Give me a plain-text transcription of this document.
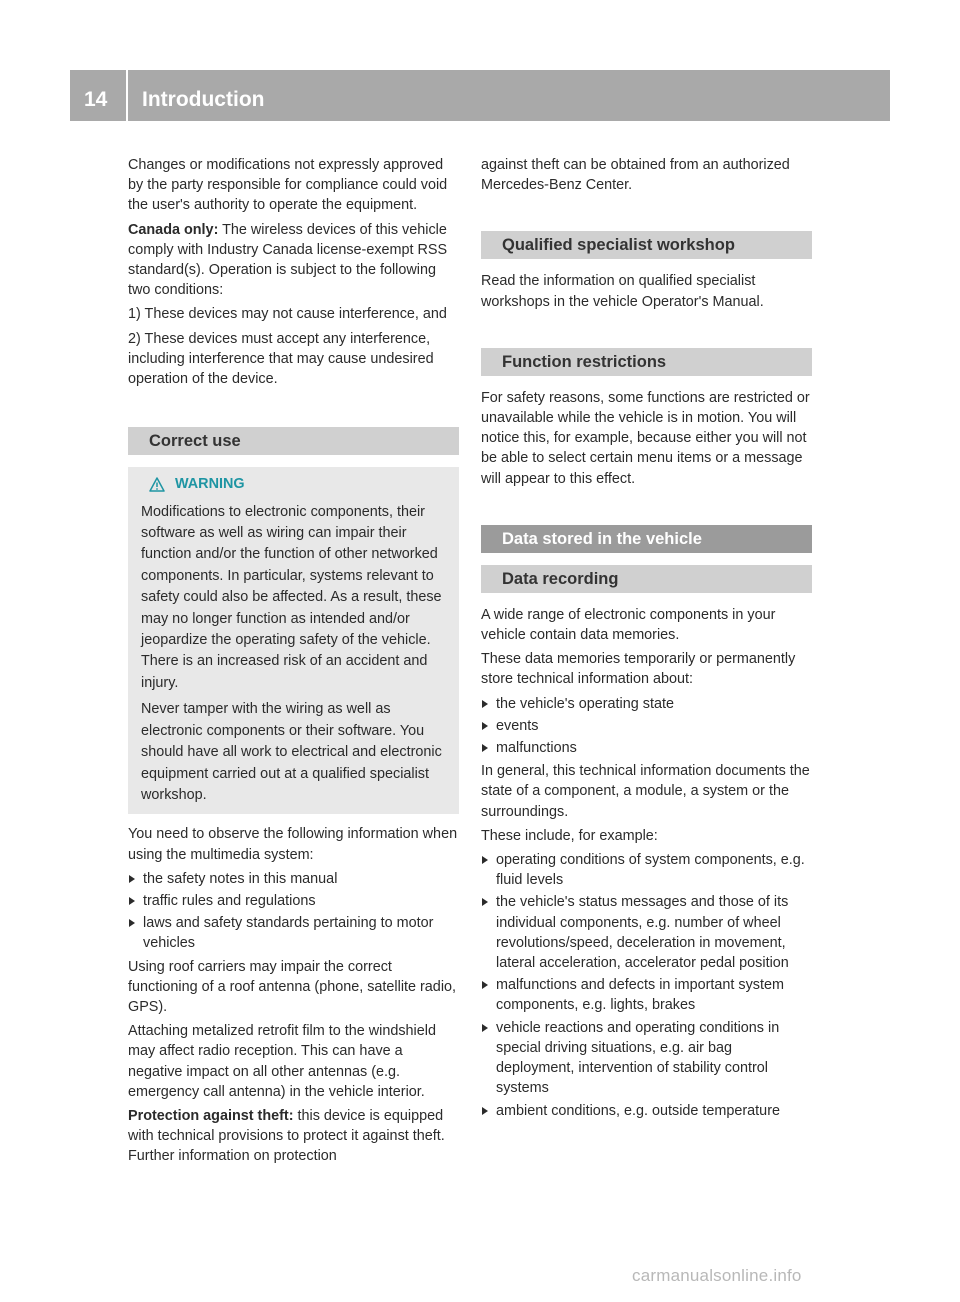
14	Introduction

Changes or modifications not expressly approved by the party responsible for compliance could void the user's authority to operate the equipment.

Canada only: The wireless devices of this vehicle comply with Industry Canada license-exempt RSS standard(s). Operation is subject to the following two conditions:

1) These devices may not cause interference, and

2) These devices must accept any interference, including interference that may cause undesired operation of the device.

Correct use
WARNING

Modifications to electronic components, their software as well as wiring can impair their function and/or the function of other networked components. In particular, systems relevant to safety could also be affected. As a result, these may no longer function as intended and/or jeopardize the operating safety of the vehicle. There is an increased risk of an accident and injury.

Never tamper with the wiring as well as electronic components or their software. You should have all work to electrical and electronic equipment carried out at a qualified specialist workshop.

You need to observe the following information when using the multimedia system:

the safety notes in this manual
traffic rules and regulations
laws and safety standards pertaining to motor vehicles

Using roof carriers may impair the correct functioning of a roof antenna (phone, satellite radio, GPS).

Attaching metalized retrofit film to the windshield may affect radio reception. This can have a negative impact on all other antennas (e.g. emergency call antenna) in the vehicle interior.

Protection against theft: this device is equipped with technical provisions to protect it against theft. Further information on protection

against theft can be obtained from an authorized Mercedes-Benz Center.

Qualified specialist workshop

Read the information on qualified specialist workshops in the vehicle Operator's Manual.

Function restrictions

For safety reasons, some functions are restricted or unavailable while the vehicle is in motion. You will notice this, for example, because either you will not be able to select certain menu items or a message will appear to this effect.

Data stored in the vehicle
Data recording

A wide range of electronic components in your vehicle contain data memories.

These data memories temporarily or permanently store technical information about:

the vehicle's operating state
events
malfunctions

In general, this technical information documents the state of a component, a module, a system or the surroundings.

These include, for example:

operating conditions of system components, e.g. fluid levels
the vehicle's status messages and those of its individual components, e.g. number of wheel revolutions/speed, deceleration in movement, lateral acceleration, accelerator pedal position
malfunctions and defects in important system components, e.g. lights, brakes
vehicle reactions and operating conditions in special driving situations, e.g. air bag deployment, intervention of stability control systems
ambient conditions, e.g. outside temperature
carmanualsonline.info
